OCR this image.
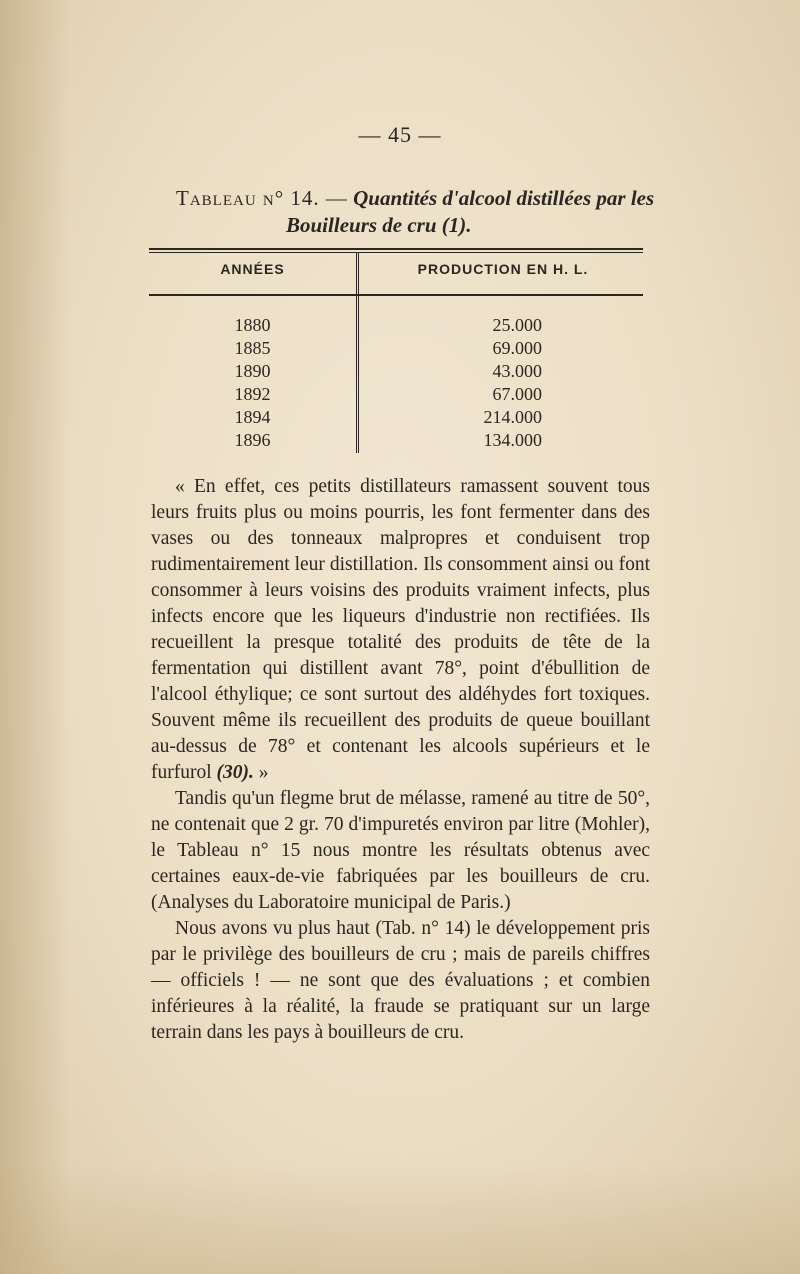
— 45 —
Tableau n° 14. — Quantités d'alcool distillées par les
Bouilleurs de cru (1).
ANNÉES	PRODUCTION EN H. L.
1880
1885
1890
1892
1894
1896
25.000
69.000
43.000
67.000
214.000
134.000

« En effet, ces petits distillateurs ramassent souvent tous leurs fruits plus ou moins pourris, les font fermenter dans des vases ou des tonneaux malpropres et conduisent trop rudimentairement leur distillation. Ils consomment ainsi ou font consommer à leurs voisins des produits vraiment infects, plus infects encore que les liqueurs d'industrie non rectifiées. Ils recueillent la presque totalité des produits de tête de la fermentation qui distillent avant 78°, point d'ébullition de l'alcool éthylique; ce sont surtout des aldéhydes fort toxiques. Souvent même ils recueillent des produits de queue bouillant au-dessus de 78° et contenant les alcools supérieurs et le furfurol (30). »

Tandis qu'un flegme brut de mélasse, ramené au titre de 50°, ne contenait que 2 gr. 70 d'impuretés environ par litre (Mohler), le Tableau n° 15 nous montre les résultats obtenus avec certaines eaux-de-vie fabriquées par les bouilleurs de cru. (Analyses du Laboratoire municipal de Paris.)

Nous avons vu plus haut (Tab. n° 14) le développement pris par le privilège des bouilleurs de cru ; mais de pareils chiffres — officiels ! — ne sont que des évaluations ; et combien inférieures à la réalité, la fraude se pratiquant sur un large terrain dans les pays à bouilleurs de cru.
